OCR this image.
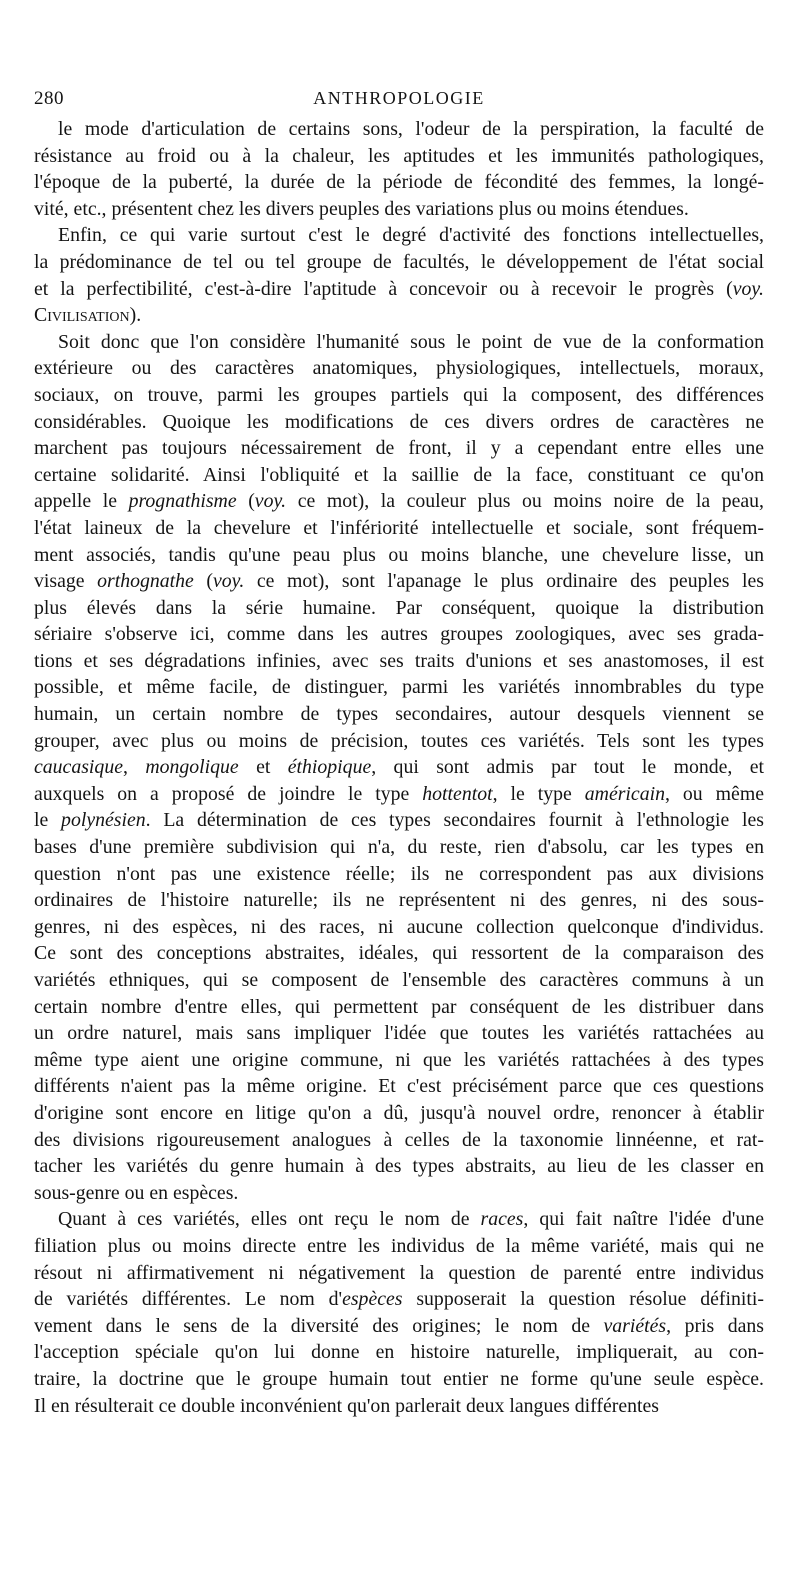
280	ANTHROPOLOGIE
le mode d'articulation de certains sons, l'odeur de la perspiration, la faculté de
résistance au froid ou à la chaleur, les aptitudes et les immunités pathologiques,
l'époque de la puberté, la durée de la période de fécondité des femmes, la longé-
vité, etc., présentent chez les divers peuples des variations plus ou moins étendues.
Enfin, ce qui varie surtout c'est le degré d'activité des fonctions intellectuelles,
la prédominance de tel ou tel groupe de facultés, le développement de l'état social
et la perfectibilité, c'est-à-dire l'aptitude à concevoir ou à recevoir le progrès (voy.
Civilisation).
Soit donc que l'on considère l'humanité sous le point de vue de la conformation
extérieure ou des caractères anatomiques, physiologiques, intellectuels, moraux,
sociaux, on trouve, parmi les groupes partiels qui la composent, des différences
considérables. Quoique les modifications de ces divers ordres de caractères ne
marchent pas toujours nécessairement de front, il y a cependant entre elles une
certaine solidarité. Ainsi l'obliquité et la saillie de la face, constituant ce qu'on
appelle le prognathisme (voy. ce mot), la couleur plus ou moins noire de la peau,
l'état laineux de la chevelure et l'infériorité intellectuelle et sociale, sont fréquem-
ment associés, tandis qu'une peau plus ou moins blanche, une chevelure lisse, un
visage orthognathe (voy. ce mot), sont l'apanage le plus ordinaire des peuples les
plus élevés dans la série humaine. Par conséquent, quoique la distribution
sériaire s'observe ici, comme dans les autres groupes zoologiques, avec ses grada-
tions et ses dégradations infinies, avec ses traits d'unions et ses anastomoses, il est
possible, et même facile, de distinguer, parmi les variétés innombrables du type
humain, un certain nombre de types secondaires, autour desquels viennent se
grouper, avec plus ou moins de précision, toutes ces variétés. Tels sont les types
caucasique, mongolique et éthiopique, qui sont admis par tout le monde, et
auxquels on a proposé de joindre le type hottentot, le type américain, ou même
le polynésien. La détermination de ces types secondaires fournit à l'ethnologie les
bases d'une première subdivision qui n'a, du reste, rien d'absolu, car les types en
question n'ont pas une existence réelle; ils ne correspondent pas aux divisions
ordinaires de l'histoire naturelle; ils ne représentent ni des genres, ni des sous-
genres, ni des espèces, ni des races, ni aucune collection quelconque d'individus.
Ce sont des conceptions abstraites, idéales, qui ressortent de la comparaison des
variétés ethniques, qui se composent de l'ensemble des caractères communs à un
certain nombre d'entre elles, qui permettent par conséquent de les distribuer dans
un ordre naturel, mais sans impliquer l'idée que toutes les variétés rattachées au
même type aient une origine commune, ni que les variétés rattachées à des types
différents n'aient pas la même origine. Et c'est précisément parce que ces questions
d'origine sont encore en litige qu'on a dû, jusqu'à nouvel ordre, renoncer à établir
des divisions rigoureusement analogues à celles de la taxonomie linnéenne, et rat-
tacher les variétés du genre humain à des types abstraits, au lieu de les classer en
sous-genre ou en espèces.
Quant à ces variétés, elles ont reçu le nom de races, qui fait naître l'idée d'une
filiation plus ou moins directe entre les individus de la même variété, mais qui ne
résout ni affirmativement ni négativement la question de parenté entre individus
de variétés différentes. Le nom d'espèces supposerait la question résolue définiti-
vement dans le sens de la diversité des origines; le nom de variétés, pris dans
l'acception spéciale qu'on lui donne en histoire naturelle, impliquerait, au con-
traire, la doctrine que le groupe humain tout entier ne forme qu'une seule espèce.
Il en résulterait ce double inconvénient qu'on parlerait deux langues différentes
